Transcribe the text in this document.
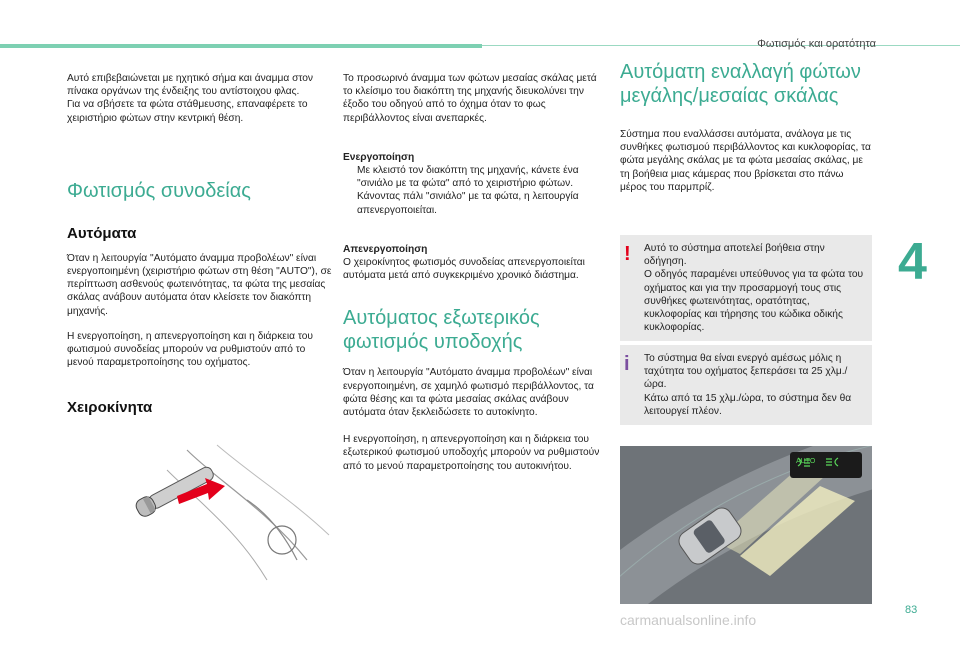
Φωτισμός και ορατότητα

Αυτό επιβεβαιώνεται με ηχητικό σήμα και άναμμα στον πίνακα οργάνων της ένδειξης του αντίστοιχου φλας.
Για να σβήσετε τα φώτα στάθμευσης, επαναφέρετε το χειριστήριο φώτων στην κεντρική θέση.

Φωτισμός συνοδείας
Αυτόματα

Όταν η λειτουργία "Αυτόματο άναμμα προβολέων" είναι ενεργοποιημένη (χειριστήριο φώτων στη θέση "AUTO"), σε περίπτωση ασθενούς φωτεινότητας, τα φώτα της μεσαίας σκάλας ανάβουν αυτόματα όταν κλείσετε τον διακόπτη μηχανής.

Η ενεργοποίηση, η απενεργοποίηση και η διάρκεια του φωτισμού συνοδείας μπορούν να ρυθμιστούν από το μενού παραμετροποίησης του οχήματος.

Χειροκίνητα

Το προσωρινό άναμμα των φώτων μεσαίας σκάλας μετά το κλείσιμο του διακόπτη της μηχανής διευκολύνει την έξοδο του οδηγού από το όχημα όταν το φως περιβάλλοντος είναι ανεπαρκές.

Ενεργοποίηση

Με κλειστό τον διακόπτη της μηχανής, κάνετε ένα "σινιάλο με τα φώτα" από το χειριστήριο φώτων.
Κάνοντας πάλι "σινιάλο" με τα φώτα, η λειτουργία απενεργοποιείται.

Απενεργοποίηση

Ο χειροκίνητος φωτισμός συνοδείας απενεργοποιείται αυτόματα μετά από συγκεκριμένο χρονικό διάστημα.

Αυτόματος εξωτερικός φωτισμός υποδοχής

Όταν η λειτουργία "Αυτόματο άναμμα προβολέων" είναι ενεργοποιημένη, σε χαμηλό φωτισμό περιβάλλοντος, τα φώτα θέσης και τα φώτα μεσαίας σκάλας ανάβουν αυτόματα όταν ξεκλειδώσετε το αυτοκίνητο.

Η ενεργοποίηση, η απενεργοποίηση και η διάρκεια του εξωτερικού φωτισμού υποδοχής μπορούν να ρυθμιστούν από το μενού παραμετροποίησης του αυτοκινήτου.

Αυτόματη εναλλαγή φώτων μεγάλης/μεσαίας σκάλας

Σύστημα που εναλλάσσει αυτόματα, ανάλογα με τις συνθήκες φωτισμού περιβάλλοντος και κυκλοφορίας, τα φώτα μεγάλης σκάλας με τα φώτα μεσαίας σκάλας, με τη βοήθεια μιας κάμερας που βρίσκεται στο πάνω μέρος του παρμπρίζ.

!	Αυτό το σύστημα αποτελεί βοήθεια στην οδήγηση.
Ο οδηγός παραμένει υπεύθυνος για τα φώτα του οχήματος και για την προσαρμογή τους στις συνθήκες φωτεινότητας, ορατότητας, κυκλοφορίας και τήρησης του κώδικα οδικής κυκλοφορίας.

i	Το σύστημα θα είναι ενεργό αμέσως μόλις η ταχύτητα του οχήματος ξεπεράσει τα 25 χλμ./ώρα.
Κάτω από τα 15 χλμ./ώρα, το σύστημα δεν θα λειτουργεί πλέον.

AUTO
4
83
carmanualsonline.info
